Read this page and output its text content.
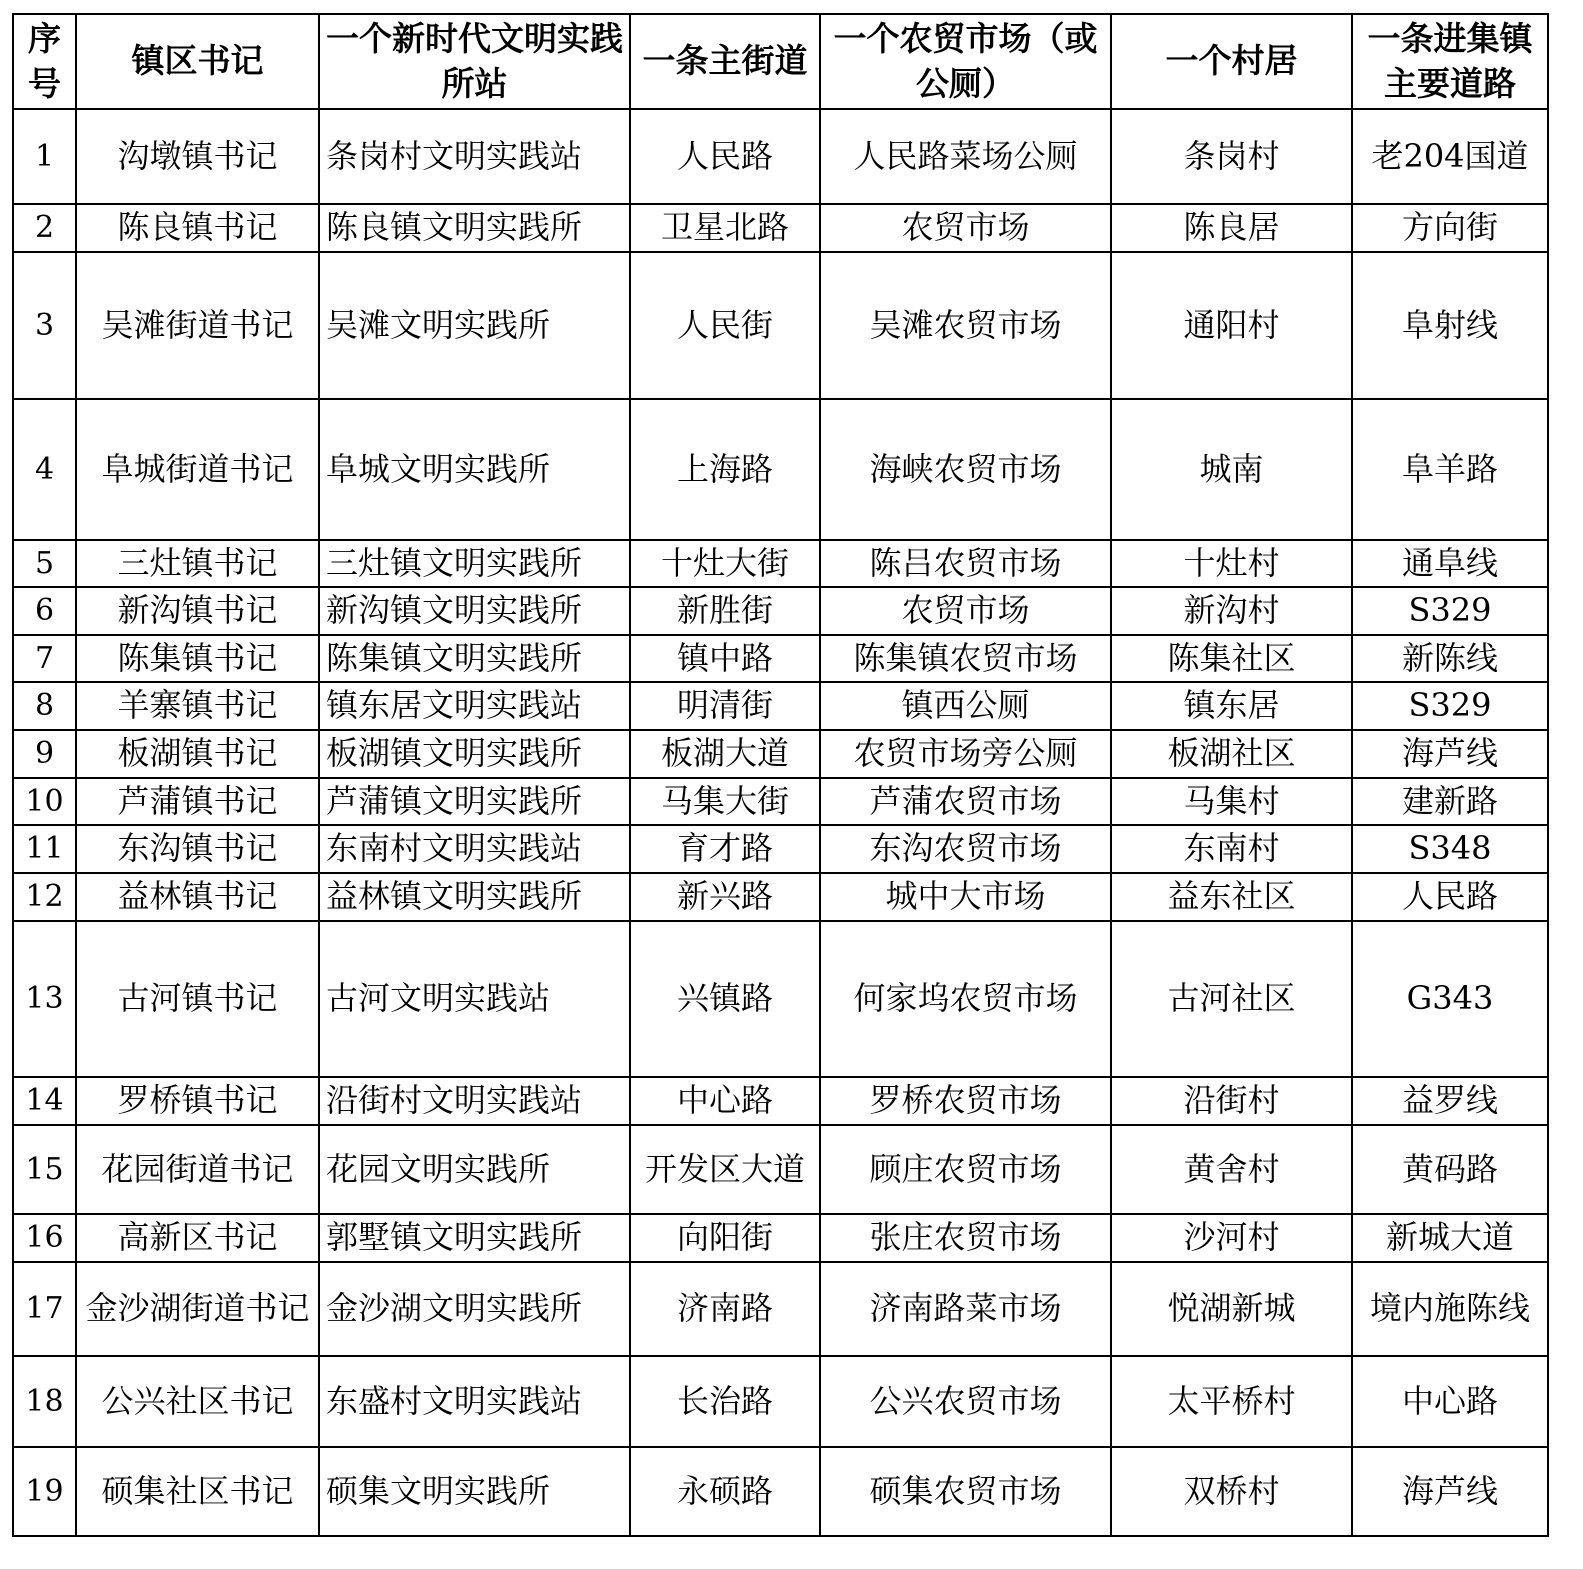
序号	镇区书记	一个新时代文明实践所站	一条主街道	一个农贸市场（或公厕）	一个村居	一条进集镇主要道路
1	沟墩镇书记	条岗村文明实践站	人民路	人民路菜场公厕	条岗村	老204国道
2	陈良镇书记	陈良镇文明实践所	卫星北路	农贸市场	陈良居	方向街
3	吴滩街道书记	吴滩文明实践所	人民街	吴滩农贸市场	通阳村	阜射线
4	阜城街道书记	阜城文明实践所	上海路	海峡农贸市场	城南	阜羊路
5	三灶镇书记	三灶镇文明实践所	十灶大街	陈吕农贸市场	十灶村	通阜线
6	新沟镇书记	新沟镇文明实践所	新胜街	农贸市场	新沟村	S329
7	陈集镇书记	陈集镇文明实践所	镇中路	陈集镇农贸市场	陈集社区	新陈线
8	羊寨镇书记	镇东居文明实践站	明清街	镇西公厕	镇东居	S329
9	板湖镇书记	板湖镇文明实践所	板湖大道	农贸市场旁公厕	板湖社区	海芦线
10	芦蒲镇书记	芦蒲镇文明实践所	马集大街	芦蒲农贸市场	马集村	建新路
11	东沟镇书记	东南村文明实践站	育才路	东沟农贸市场	东南村	S348
12	益林镇书记	益林镇文明实践所	新兴路	城中大市场	益东社区	人民路
13	古河镇书记	古河文明实践站	兴镇路	何家坞农贸市场	古河社区	G343
14	罗桥镇书记	沿街村文明实践站	中心路	罗桥农贸市场	沿街村	益罗线
15	花园街道书记	花园文明实践所	开发区大道	顾庄农贸市场	黄舍村	黄码路
16	高新区书记	郭墅镇文明实践所	向阳街	张庄农贸市场	沙河村	新城大道
17	金沙湖街道书记	金沙湖文明实践所	济南路	济南路菜市场	悦湖新城	境内施陈线
18	公兴社区书记	东盛村文明实践站	长治路	公兴农贸市场	太平桥村	中心路
19	硕集社区书记	硕集文明实践所	永硕路	硕集农贸市场	双桥村	海芦线
